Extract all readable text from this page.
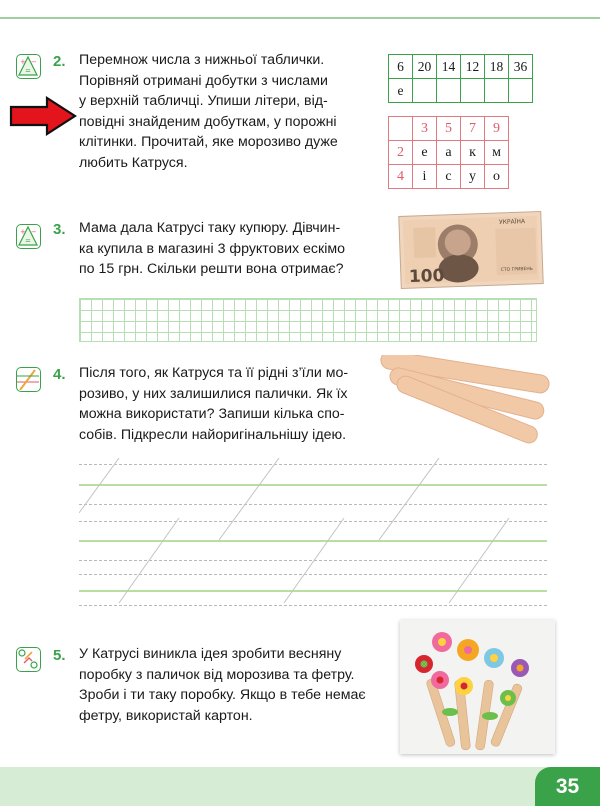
+ −
=
2. Перемнож числа з нижньої таблички.
Порівняй отримані добутки з числами
у верхній табличці. Упиши літери, від-
повідні знайденим добуткам, у порожні
клітинки. Прочитай, яке морозиво дуже
любить Катруся.
6	20	14	12	18	36
е					
	3	5	7	9
2	е	а	к	м
4	і	с	у	о
+ −
=
3. Мама дала Катрусі таку купюру. Дівчин-
ка купила в магазині 3 фруктових ескімо
по 15 грн. Скільки решти вона отримає?	100
УКРАЇНА
СТО ГРИВЕНЬ
4. Після того, як Катруся та її рідні з’їли мо-
розиво, у них залишилися палички. Як їх
можна використати? Запиши кілька спо-
собів. Підкресли найоригінальнішу ідею.
5. У Катрусі виникла ідея зробити весняну
поробку з паличок від морозива та фетру.
Зроби і ти таку поробку. Якщо в тебе немає
фетру, використай картон.
35
